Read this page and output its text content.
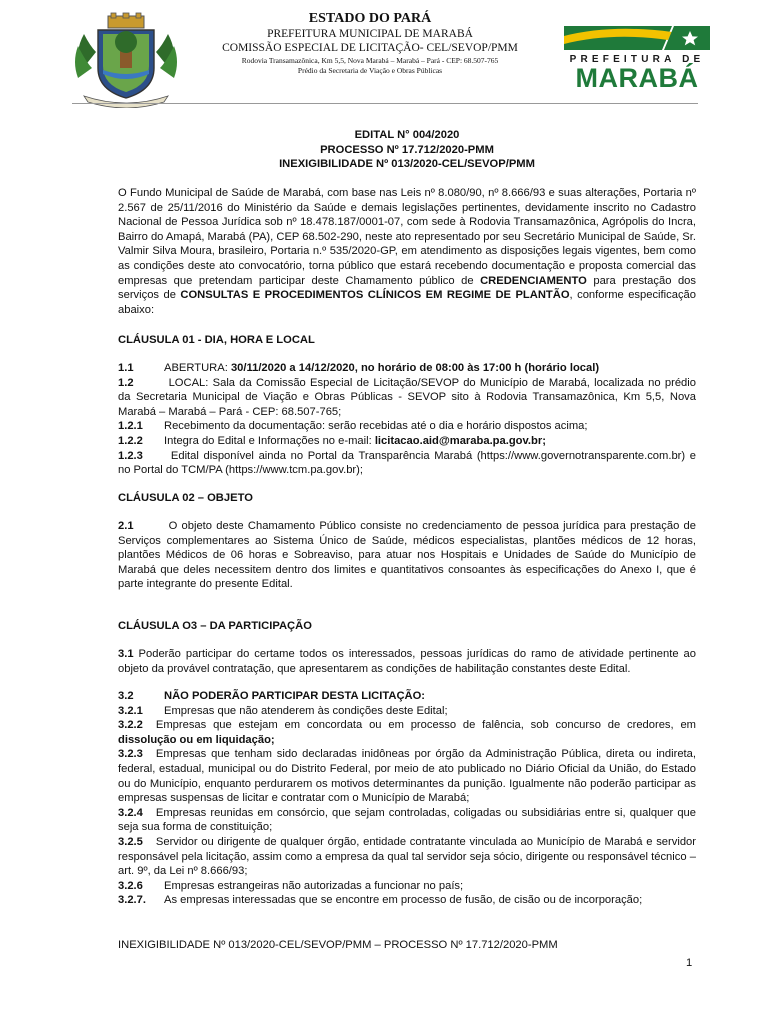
ESTADO DO PARÁ
PREFEITURA MUNICIPAL DE MARABÁ
COMISSÃO ESPECIAL DE LICITAÇÃO- CEL/SEVOP/PMM
Rodovia Transamazônica, Km 5,5, Nova Marabá – Marabá – Pará - CEP: 68.507-765
Prédio da Secretaria de Viação e Obras Públicas
PREFEITURA DE
MARABÁ
EDITAL N° 004/2020
PROCESSO Nº 17.712/2020-PMM
INEXIGIBILIDADE Nº 013/2020-CEL/SEVOP/PMM
O Fundo Municipal de Saúde de Marabá, com base nas Leis nº 8.080/90, nº 8.666/93 e suas alterações, Portaria nº 2.567 de 25/11/2016 do Ministério da Saúde e demais legislações pertinentes, devidamente inscrito no Cadastro Nacional de Pessoa Jurídica sob nº 18.478.187/0001-07, com sede à Rodovia Transamazônica, Agrópolis do Incra, Bairro do Amapá, Marabá (PA), CEP 68.502-290, neste ato representado por seu Secretário Municipal de Saúde, Sr. Valmir Silva Moura, brasileiro, Portaria n.º 535/2020-GP, em atendimento as disposições legais vigentes, bem como as condições deste ato convocatório, torna público que estará recebendo documentação e proposta comercial das empresas que pretendam participar deste Chamamento público de CREDENCIAMENTO para prestação dos serviços de CONSULTAS E PROCEDIMENTOS CLÍNICOS EM REGIME DE PLANTÃO, conforme especificação abaixo:
CLÁUSULA 01 - DIA, HORA E LOCAL
1.1	ABERTURA: 30/11/2020 a 14/12/2020, no horário de 08:00 às 17:00 h (horário local)
1.2	LOCAL: Sala da Comissão Especial de Licitação/SEVOP do Município de Marabá, localizada no prédio da Secretaria Municipal de Viação e Obras Públicas - SEVOP sito à Rodovia Transamazônica, Km 5,5, Nova Marabá – Marabá – Pará - CEP: 68.507-765;
1.2.1 Recebimento da documentação: serão recebidas até o dia e horário dispostos acima;
1.2.2 Integra do Edital e Informações no e-mail: licitacao.aid@maraba.pa.gov.br;
1.2.3	Edital disponível ainda no Portal da Transparência Marabá (https://www.governotransparente.com.br) e no Portal do TCM/PA (https://www.tcm.pa.gov.br);
CLÁUSULA 02 – OBJETO
2.1	O objeto deste Chamamento Público consiste no credenciamento de pessoa jurídica para prestação de Serviços complementares ao Sistema Único de Saúde, médicos especialistas, plantões médicos de 12 horas, plantões Médicos de 06 horas e Sobreaviso, para atuar nos Hospitais e Unidades de Saúde do Município de Marabá que deles necessitem dentro dos limites e quantitativos consoantes às especificações do Anexo I, que é parte integrante do presente Edital.
CLÁUSULA O3 – DA PARTICIPAÇÃO
3.1 Poderão participar do certame todos os interessados, pessoas jurídicas do ramo de atividade pertinente ao objeto da provável contratação, que apresentarem as condições de habilitação constantes deste Edital.
3.2	NÃO PODERÃO PARTICIPAR DESTA LICITAÇÃO:
3.2.1 Empresas que não atenderem às condições deste Edital;
3.2.2 Empresas que estejam em concordata ou em processo de falência, sob concurso de credores, em dissolução ou em liquidação;
3.2.3 Empresas que tenham sido declaradas inidôneas por órgão da Administração Pública, direta ou indireta, federal, estadual, municipal ou do Distrito Federal, por meio de ato publicado no Diário Oficial da União, do Estado ou do Município, enquanto perdurarem os motivos determinantes da punição. Igualmente não poderão participar as empresas suspensas de licitar e contratar com o Município de Marabá;
3.2.4 Empresas reunidas em consórcio, que sejam controladas, coligadas ou subsidiárias entre si, qualquer que seja sua forma de constituição;
3.2.5 Servidor ou dirigente de qualquer órgão, entidade contratante vinculada ao Município de Marabá e servidor responsável pela licitação, assim como a empresa da qual tal servidor seja sócio, dirigente ou responsável técnico – art. 9º, da Lei nº 8.666/93;
3.2.6 Empresas estrangeiras não autorizadas a funcionar no país;
3.2.7. As empresas interessadas que se encontre em processo de fusão, de cisão ou de incorporação;
INEXIGIBILIDADE Nº 013/2020-CEL/SEVOP/PMM – PROCESSO Nº 17.712/2020-PMM
1
